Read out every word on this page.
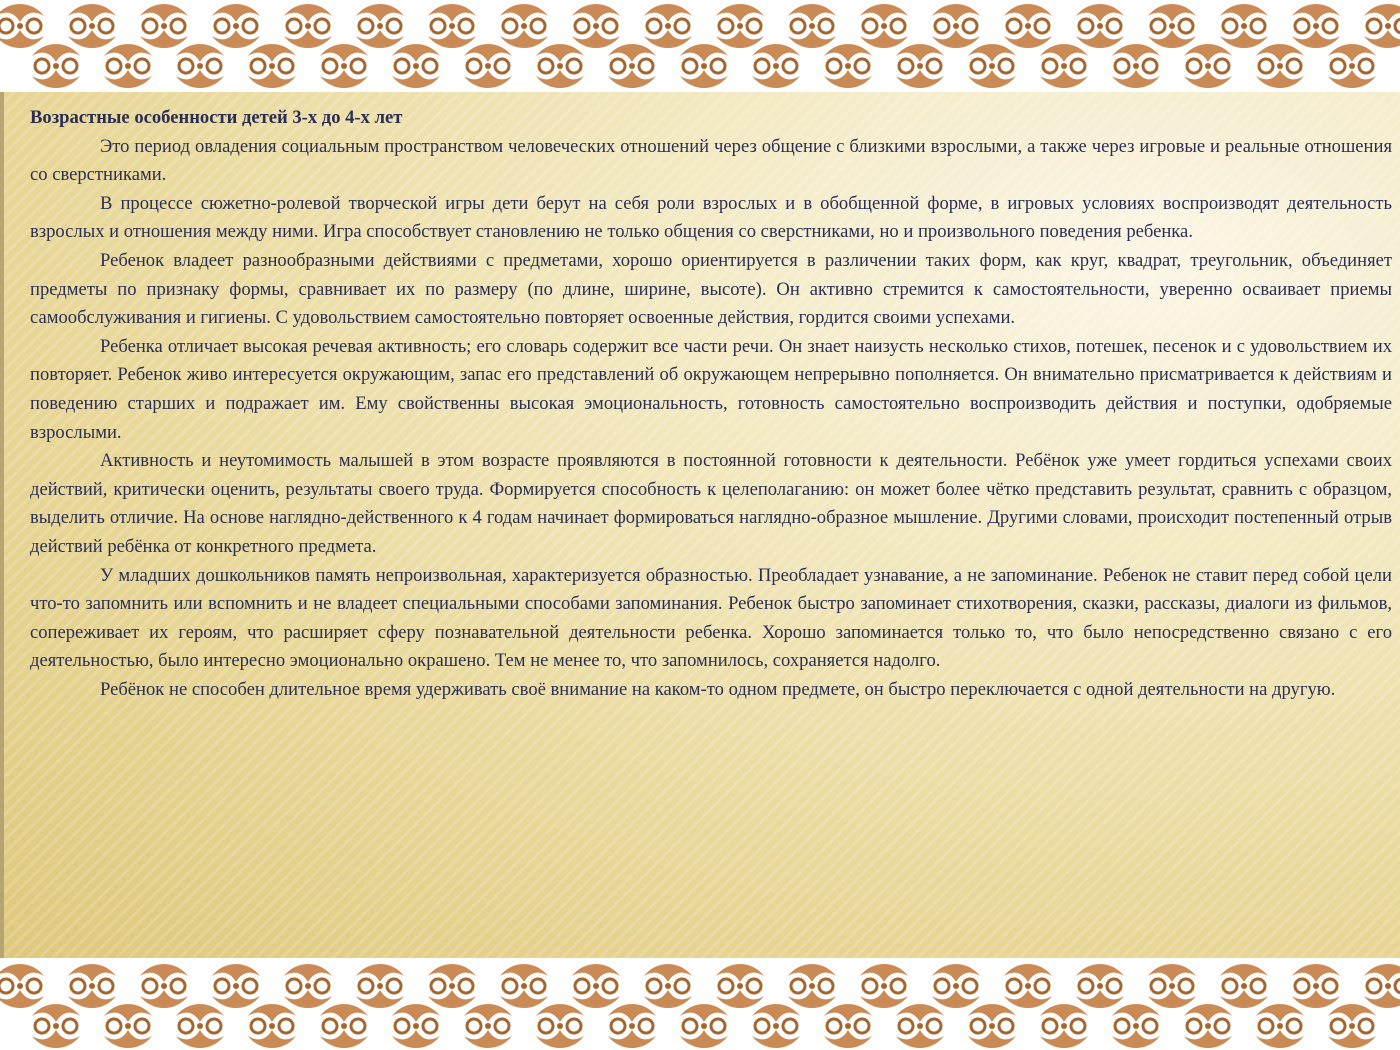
Возрастные особенности детей 3-х до 4-х лет

Это период овладения социальным пространством человеческих отношений через общение с близкими взрослыми, а также через игровые и реальные отношения со сверстниками.

В процессе сюжетно-ролевой творческой игры дети берут на себя роли взрослых и в обобщенной форме, в игровых условиях воспроизводят деятельность взрослых и отношения между ними. Игра способствует становлению не только общения со сверстниками, но и произвольного поведения ребенка.

Ребенок владеет разнообразными действиями с предметами, хорошо ориентируется в различении таких форм, как круг, квадрат, треугольник, объединяет предметы по признаку формы, сравнивает их по размеру (по длине, ширине, высоте). Он активно стремится к самостоятельности, уверенно осваивает приемы самообслуживания и гигиены. С удовольствием самостоятельно повторяет освоенные действия, гордится своими успехами.

Ребенка отличает высокая речевая активность; его словарь содержит все части речи. Он знает наизусть несколько стихов, потешек, песенок и с удовольствием их повторяет. Ребенок живо интересуется окружающим, запас его представлений об окружающем непрерывно пополняется. Он внимательно присматривается к действиям и поведению старших и подражает им. Ему свойственны высокая эмоциональность, готовность самостоятельно воспроизводить действия и поступки, одобряемые взрослыми.

Активность и неутомимость малышей в этом возрасте проявляются в постоянной готовности к деятельности. Ребёнок уже умеет гордиться успехами своих действий, критически оценить, результаты своего труда. Формируется способность к целеполаганию: он может более чётко представить результат, сравнить с образцом, выделить отличие. На основе наглядно-действенного к 4 годам начинает формироваться наглядно-образное мышление. Другими словами, происходит постепенный отрыв действий ребёнка от конкретного предмета.

У младших дошкольников память непроизвольная, характеризуется образностью. Преобладает узнавание, а не запоминание. Ребенок не ставит перед собой цели что-то запомнить или вспомнить и не владеет специальными способами запоминания. Ребенок быстро запоминает стихотворения, сказки, рассказы, диалоги из фильмов, сопереживает их героям, что расширяет сферу познавательной деятельности ребенка. Хорошо запоминается только то, что было непосредственно связано с его деятельностью, было интересно эмоционально окрашено. Тем не менее то, что запомнилось, сохраняется надолго.

Ребёнок не способен длительное время удерживать своё внимание на каком-то одном предмете, он быстро переключается с одной деятельности на другую.
